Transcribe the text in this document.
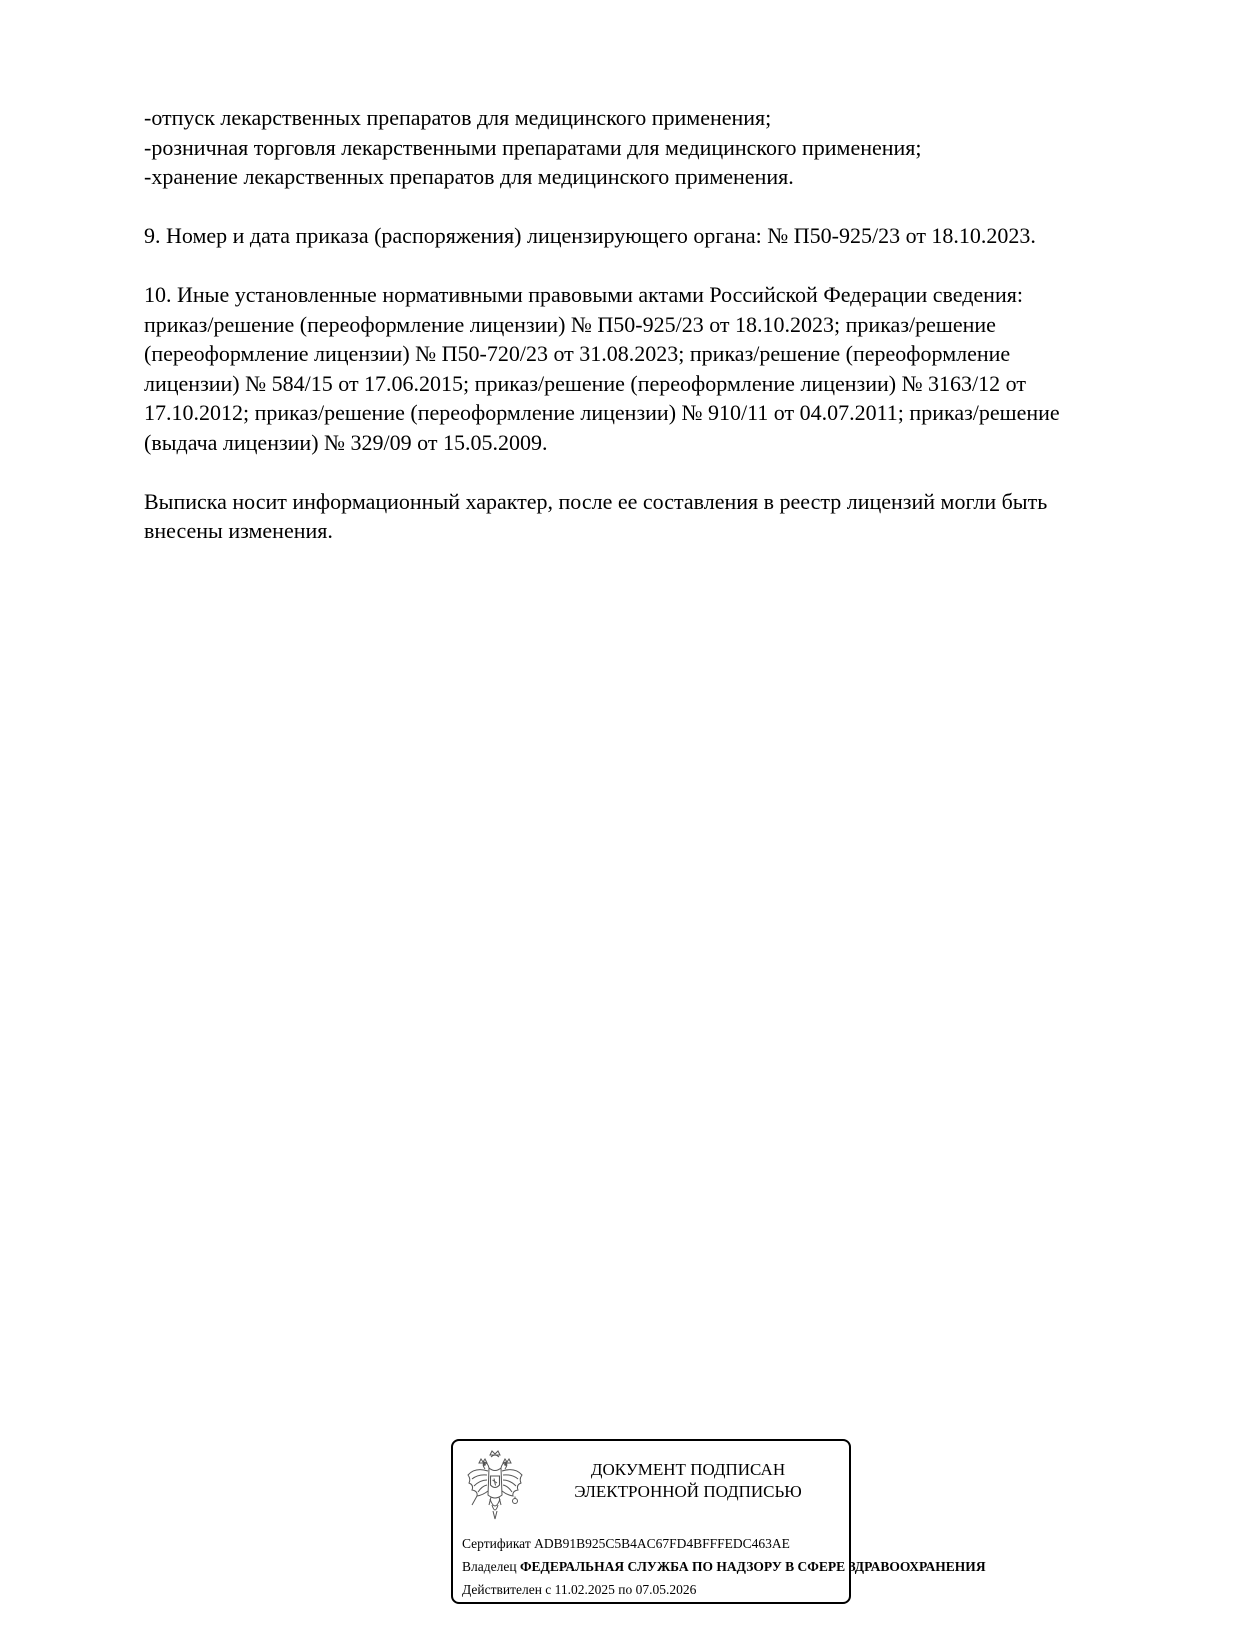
-отпуск лекарственных препаратов для медицинского применения;

-розничная торговля лекарственными препаратами для медицинского применения;

-хранение лекарственных препаратов для медицинского применения.

9. Номер и дата приказа (распоряжения) лицензирующего органа: № П50-925/23 от 18.10.2023.

10. Иные установленные нормативными правовыми актами Российской Федерации сведения:

приказ/решение (переоформление лицензии) № П50-925/23 от 18.10.2023; приказ/решение

(переоформление лицензии) № П50-720/23 от 31.08.2023; приказ/решение (переоформление

лицензии) № 584/15 от 17.06.2015; приказ/решение (переоформление лицензии) № 3163/12 от

17.10.2012; приказ/решение (переоформление лицензии) № 910/11 от 04.07.2011; приказ/решение

(выдача лицензии) № 329/09 от 15.05.2009.

Выписка носит информационный характер, после ее составления в реестр лицензий могли быть

внесены изменения.

ДОКУМЕНТ ПОДПИСАН
ЭЛЕКТРОННОЙ ПОДПИСЬЮ
Сертификат ADB91B925C5B4AC67FD4BFFFEDC463AE
Владелец ФЕДЕРАЛЬНАЯ СЛУЖБА ПО НАДЗОРУ В СФЕРЕ ЗДРАВООХРАНЕНИЯ
Действителен с 11.02.2025 по 07.05.2026
